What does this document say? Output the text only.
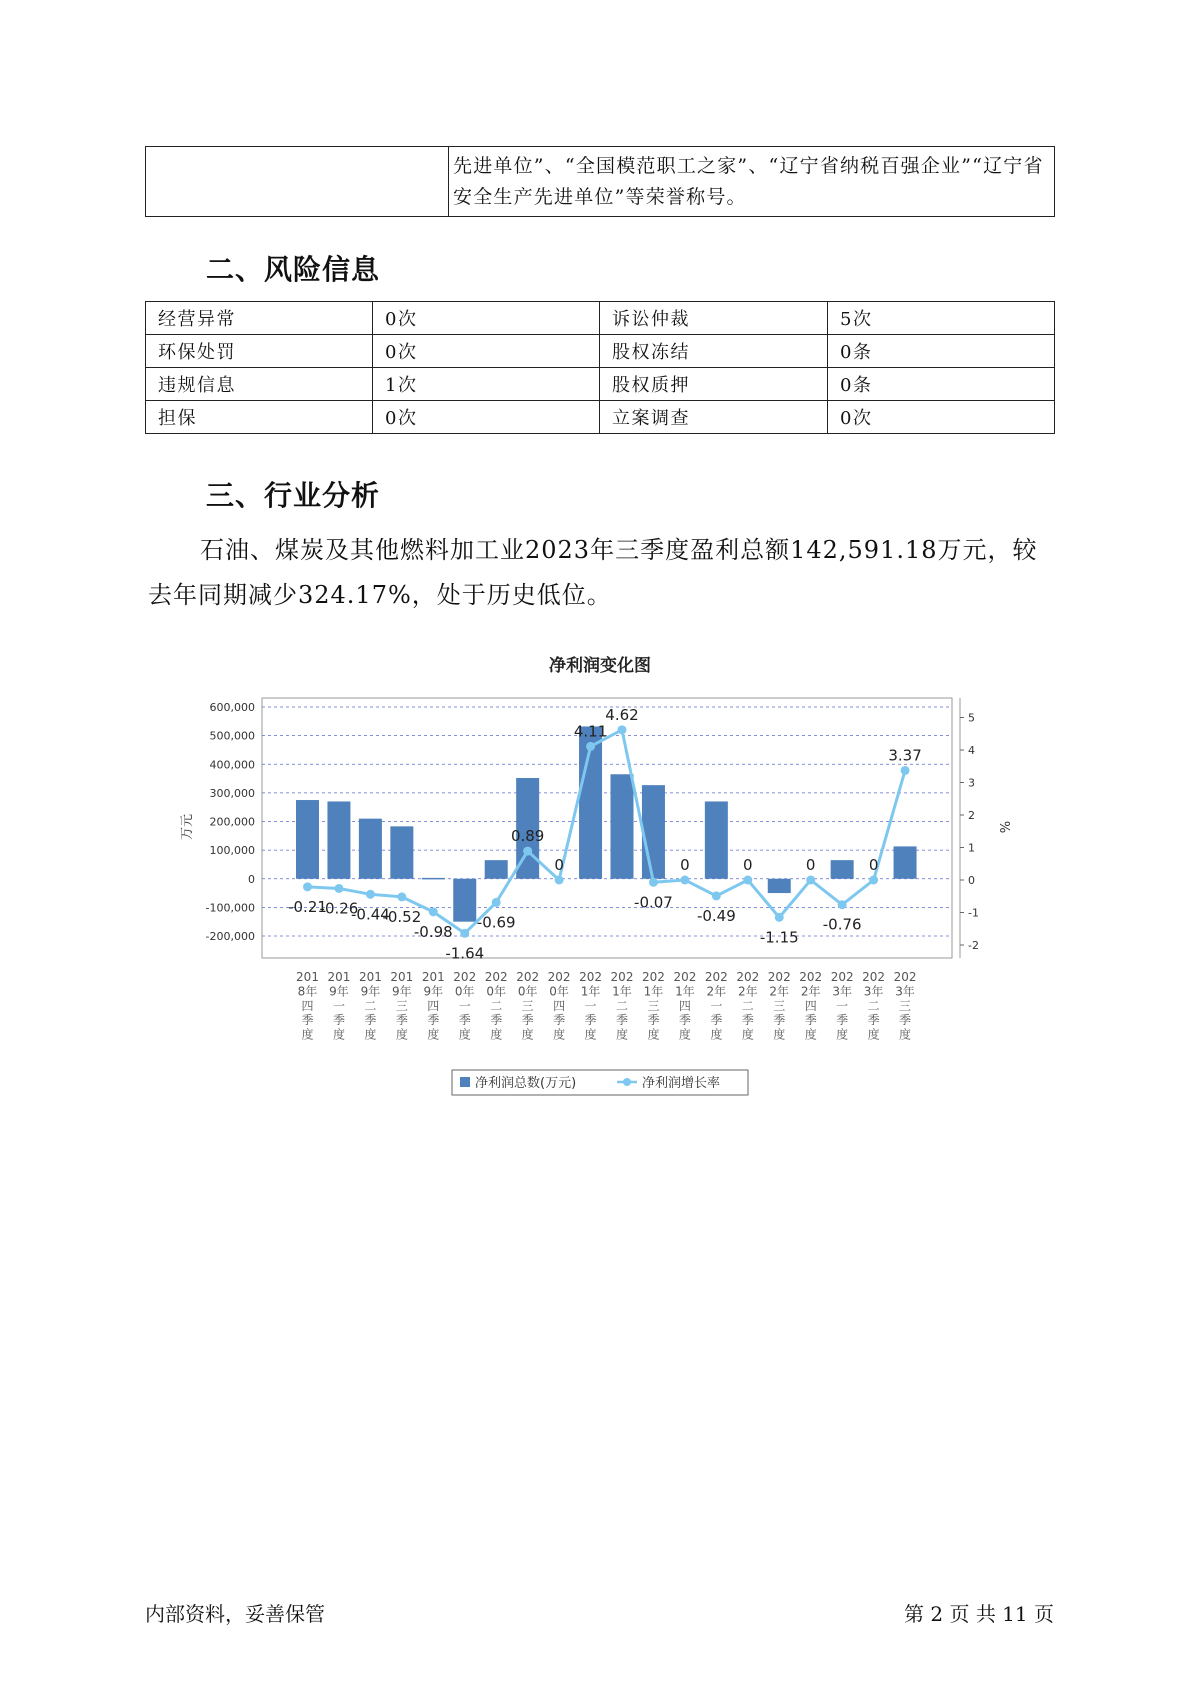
	先进单位”、“全国模范职工之家”、“辽宁省纳税百强企业”“辽宁省安全生产先进单位”等荣誉称号。
二、风险信息
经营异常	0次	诉讼仲裁	5次
环保处罚	0次	股权冻结	0条
违规信息	1次	股权质押	0条
担保	0次	立案调查	0次
三、行业分析
石油、煤炭及其他燃料加工业2023年三季度盈利总额142,591.18万元，较去年同期减少324.17%，处于历史低位。
净利润变化图
600,000
500,000
400,000
300,000
200,000
100,000
0
-100,000
-200,000
5
4
3
2
1
0
-1
-2
万元	%
-0.21
-0.26
-0.44
-0.52
-0.98
-1.64
-0.69
0.89
0
4.11
4.62
-0.07
0
-0.49
0
-1.15
0
-0.76
0
3.37
201 8年四季度
201 9年一季度
201 9年二季度
201 9年三季度
201 9年四季度
202 0年一季度
202 0年二季度
202 0年三季度
202 0年四季度
202 1年一季度
202 1年二季度
202 1年三季度
202 1年四季度
202 2年一季度
202 2年二季度
202 2年三季度
202 2年四季度
202 3年一季度
202 3年二季度
202 3年三季度
净利润总数(万元)	净利润增长率
内部资料，妥善保管	第 2 页 共 11 页
